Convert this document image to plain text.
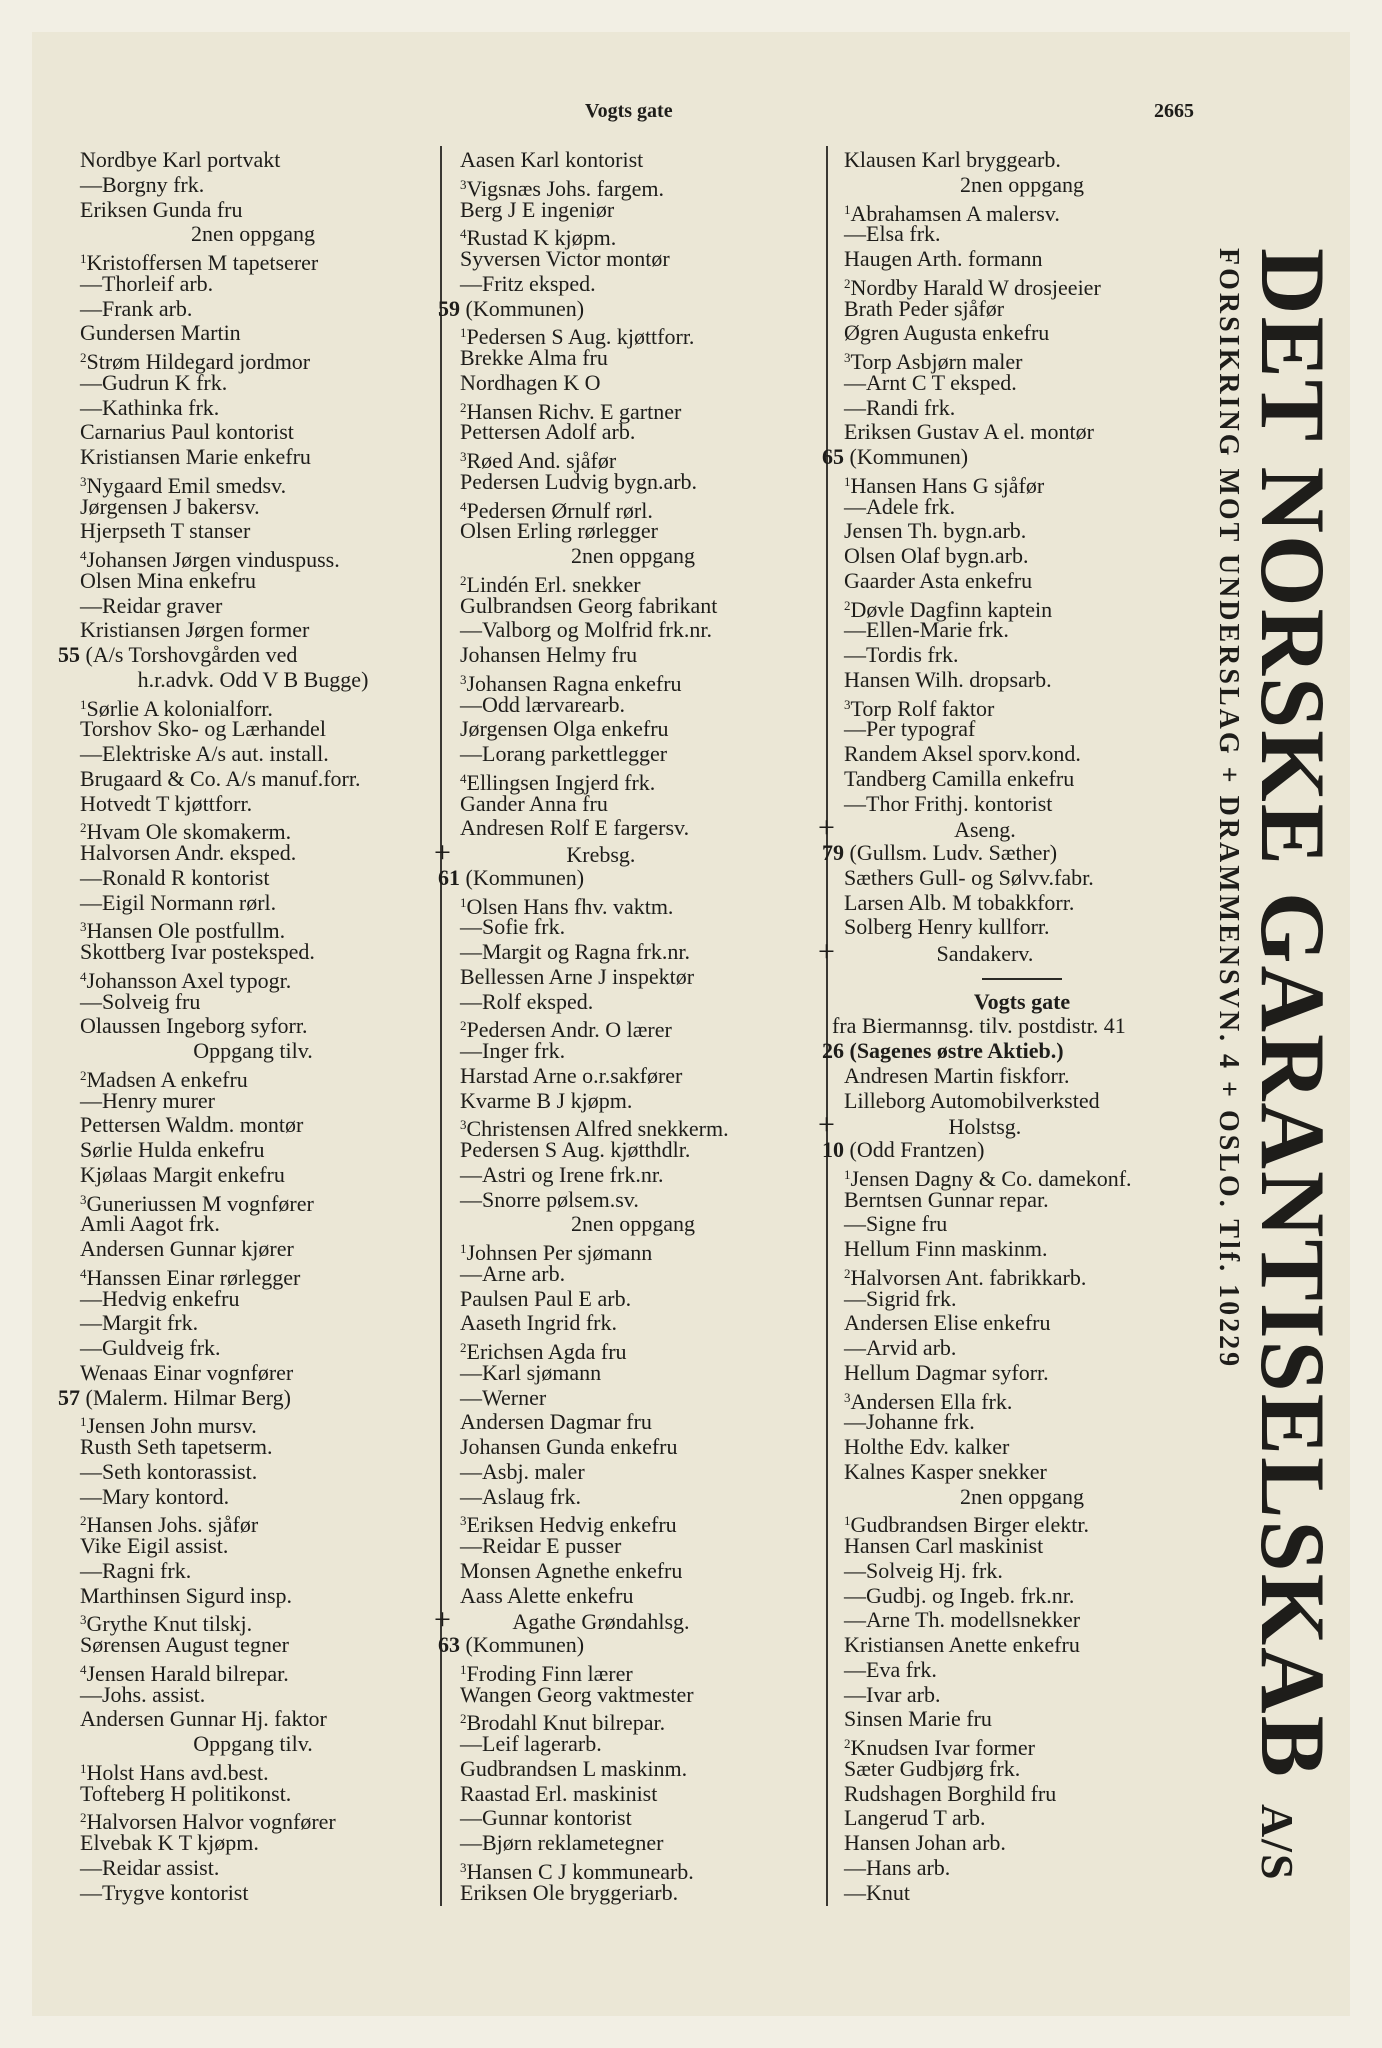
Vogts gate	2665
Nordbye Karl portvakt
—Borgny frk.
Eriksen Gunda fru
2nen oppgang
$^1$Kristoffersen M tapetserer
—Thorleif arb.
—Frank arb.
Gundersen Martin
$^2$Strøm Hildegard jordmor
—Gudrun K frk.
—Kathinka frk.
Carnarius Paul kontorist
Kristiansen Marie enkefru
$^3$Nygaard Emil smedsv.
Jørgensen J bakersv.
Hjerpseth T stanser
$^4$Johansen Jørgen vinduspuss.
Olsen Mina enkefru
—Reidar graver
Kristiansen Jørgen former
55 (A/s Torshovgården ved
h.r.advk. Odd V B Bugge)
$^1$Sørlie A kolonialforr.
Torshov Sko- og Lærhandel
—Elektriske A/s aut. install.
Brugaard & Co. A/s manuf.forr.
Hotvedt T kjøttforr.
$^2$Hvam Ole skomakerm.
Halvorsen Andr. eksped.
—Ronald R kontorist
—Eigil Normann rørl.
$^3$Hansen Ole postfullm.
Skottberg Ivar posteksped.
$^4$Johansson Axel typogr.
—Solveig fru
Olaussen Ingeborg syforr.
Oppgang tilv.
$^2$Madsen A enkefru
—Henry murer
Pettersen Waldm. montør
Sørlie Hulda enkefru
Kjølaas Margit enkefru
$^3$Guneriussen M vognfører
Amli Aagot frk.
Andersen Gunnar kjører
$^4$Hanssen Einar rørlegger
—Hedvig enkefru
—Margit frk.
—Guldveig frk.
Wenaas Einar vognfører
57 (Malerm. Hilmar Berg)
$^1$Jensen John mursv.
Rusth Seth tapetserm.
—Seth kontorassist.
—Mary kontord.
$^2$Hansen Johs. sjåfør
Vike Eigil assist.
—Ragni frk.
Marthinsen Sigurd insp.
$^3$Grythe Knut tilskj.
Sørensen August tegner
$^4$Jensen Harald bilrepar.
—Johs. assist.
Andersen Gunnar Hj. faktor
Oppgang tilv.
$^1$Holst Hans avd.best.
Tofteberg H politikonst.
$^2$Halvorsen Halvor vognfører
Elvebak K T kjøpm.
—Reidar assist.
—Trygve kontorist
Aasen Karl kontorist
$^3$Vigsnæs Johs. fargem.
Berg J E ingeniør
$^4$Rustad K kjøpm.
Syversen Victor montør
—Fritz eksped.
59 (Kommunen)
$^1$Pedersen S Aug. kjøttforr.
Brekke Alma fru
Nordhagen K O
$^2$Hansen Richv. E gartner
Pettersen Adolf arb.
$^3$Røed And. sjåfør
Pedersen Ludvig bygn.arb.
$^4$Pedersen Ørnulf rørl.
Olsen Erling rørlegger
2nen oppgang
$^2$Lindén Erl. snekker
Gulbrandsen Georg fabrikant
—Valborg og Molfrid frk.nr.
Johansen Helmy fru
$^3$Johansen Ragna enkefru
—Odd lærvarearb.
Jørgensen Olga enkefru
—Lorang parkettlegger
$^4$Ellingsen Ingjerd frk.
Gander Anna fru
Andresen Rolf E fargersv.
+	Krebsg.
61 (Kommunen)
$^1$Olsen Hans fhv. vaktm.
—Sofie frk.
—Margit og Ragna frk.nr.
Bellessen Arne J inspektør
—Rolf eksped.
$^2$Pedersen Andr. O lærer
—Inger frk.
Harstad Arne o.r.sakfører
Kvarme B J kjøpm.
$^3$Christensen Alfred snekkerm.
Pedersen S Aug. kjøtthdlr.
—Astri og Irene frk.nr.
—Snorre pølsem.sv.
2nen oppgang
$^1$Johnsen Per sjømann
—Arne arb.
Paulsen Paul E arb.
Aaseth Ingrid frk.
$^2$Erichsen Agda fru
—Karl sjømann
—Werner
Andersen Dagmar fru
Johansen Gunda enkefru
—Asbj. maler
—Aslaug frk.
$^3$Eriksen Hedvig enkefru
—Reidar E pusser
Monsen Agnethe enkefru
Aass Alette enkefru
+	Agathe Grøndahlsg.
63 (Kommunen)
$^1$Froding Finn lærer
Wangen Georg vaktmester
$^2$Brodahl Knut bilrepar.
—Leif lagerarb.
Gudbrandsen L maskinm.
Raastad Erl. maskinist
—Gunnar kontorist
—Bjørn reklametegner
$^3$Hansen C J kommunearb.
Eriksen Ole bryggeriarb.
Klausen Karl bryggearb.
2nen oppgang
$^1$Abrahamsen A malersv.
—Elsa frk.
Haugen Arth. formann
$^2$Nordby Harald W drosjeeier
Brath Peder sjåfør
Øgren Augusta enkefru
$^3$Torp Asbjørn maler
—Arnt C T eksped.
—Randi frk.
Eriksen Gustav A el. montør
65 (Kommunen)
$^1$Hansen Hans G sjåfør
—Adele frk.
Jensen Th. bygn.arb.
Olsen Olaf bygn.arb.
Gaarder Asta enkefru
$^2$Døvle Dagfinn kaptein
—Ellen-Marie frk.
—Tordis frk.
Hansen Wilh. dropsarb.
$^3$Torp Rolf faktor
—Per typograf
Randem Aksel sporv.kond.
Tandberg Camilla enkefru
—Thor Frithj. kontorist
+	Aseng.
79 (Gullsm. Ludv. Sæther)
Sæthers Gull- og Sølvv.fabr.
Larsen Alb. M tobakkforr.
Solberg Henry kullforr.
+	Sandakerv.
Vogts gate
fra Biermannsg. tilv. postdistr. 41
26 (Sagenes østre Aktieb.)
Andresen Martin fiskforr.
Lilleborg Automobilverksted
+	Holstsg.
10 (Odd Frantzen)
$^1$Jensen Dagny & Co. damekonf.
Berntsen Gunnar repar.
—Signe fru
Hellum Finn maskinm.
$^2$Halvorsen Ant. fabrikkarb.
—Sigrid frk.
Andersen Elise enkefru
—Arvid arb.
Hellum Dagmar syforr.
$^3$Andersen Ella frk.
—Johanne frk.
Holthe Edv. kalker
Kalnes Kasper snekker
2nen oppgang
$^1$Gudbrandsen Birger elektr.
Hansen Carl maskinist
—Solveig Hj. frk.
—Gudbj. og Ingeb. frk.nr.
—Arne Th. modellsnekker
Kristiansen Anette enkefru
—Eva frk.
—Ivar arb.
Sinsen Marie fru
$^2$Knudsen Ivar former
Sæter Gudbjørg frk.
Rudshagen Borghild fru
Langerud T arb.
Hansen Johan arb.
—Hans arb.
—Knut
DET NORSKE GARANTISELSKAB A/S
FORSIKRING MOT UNDERSLAG + DRAMMENSVN. 4 + OSLO. Tlf. 10229
